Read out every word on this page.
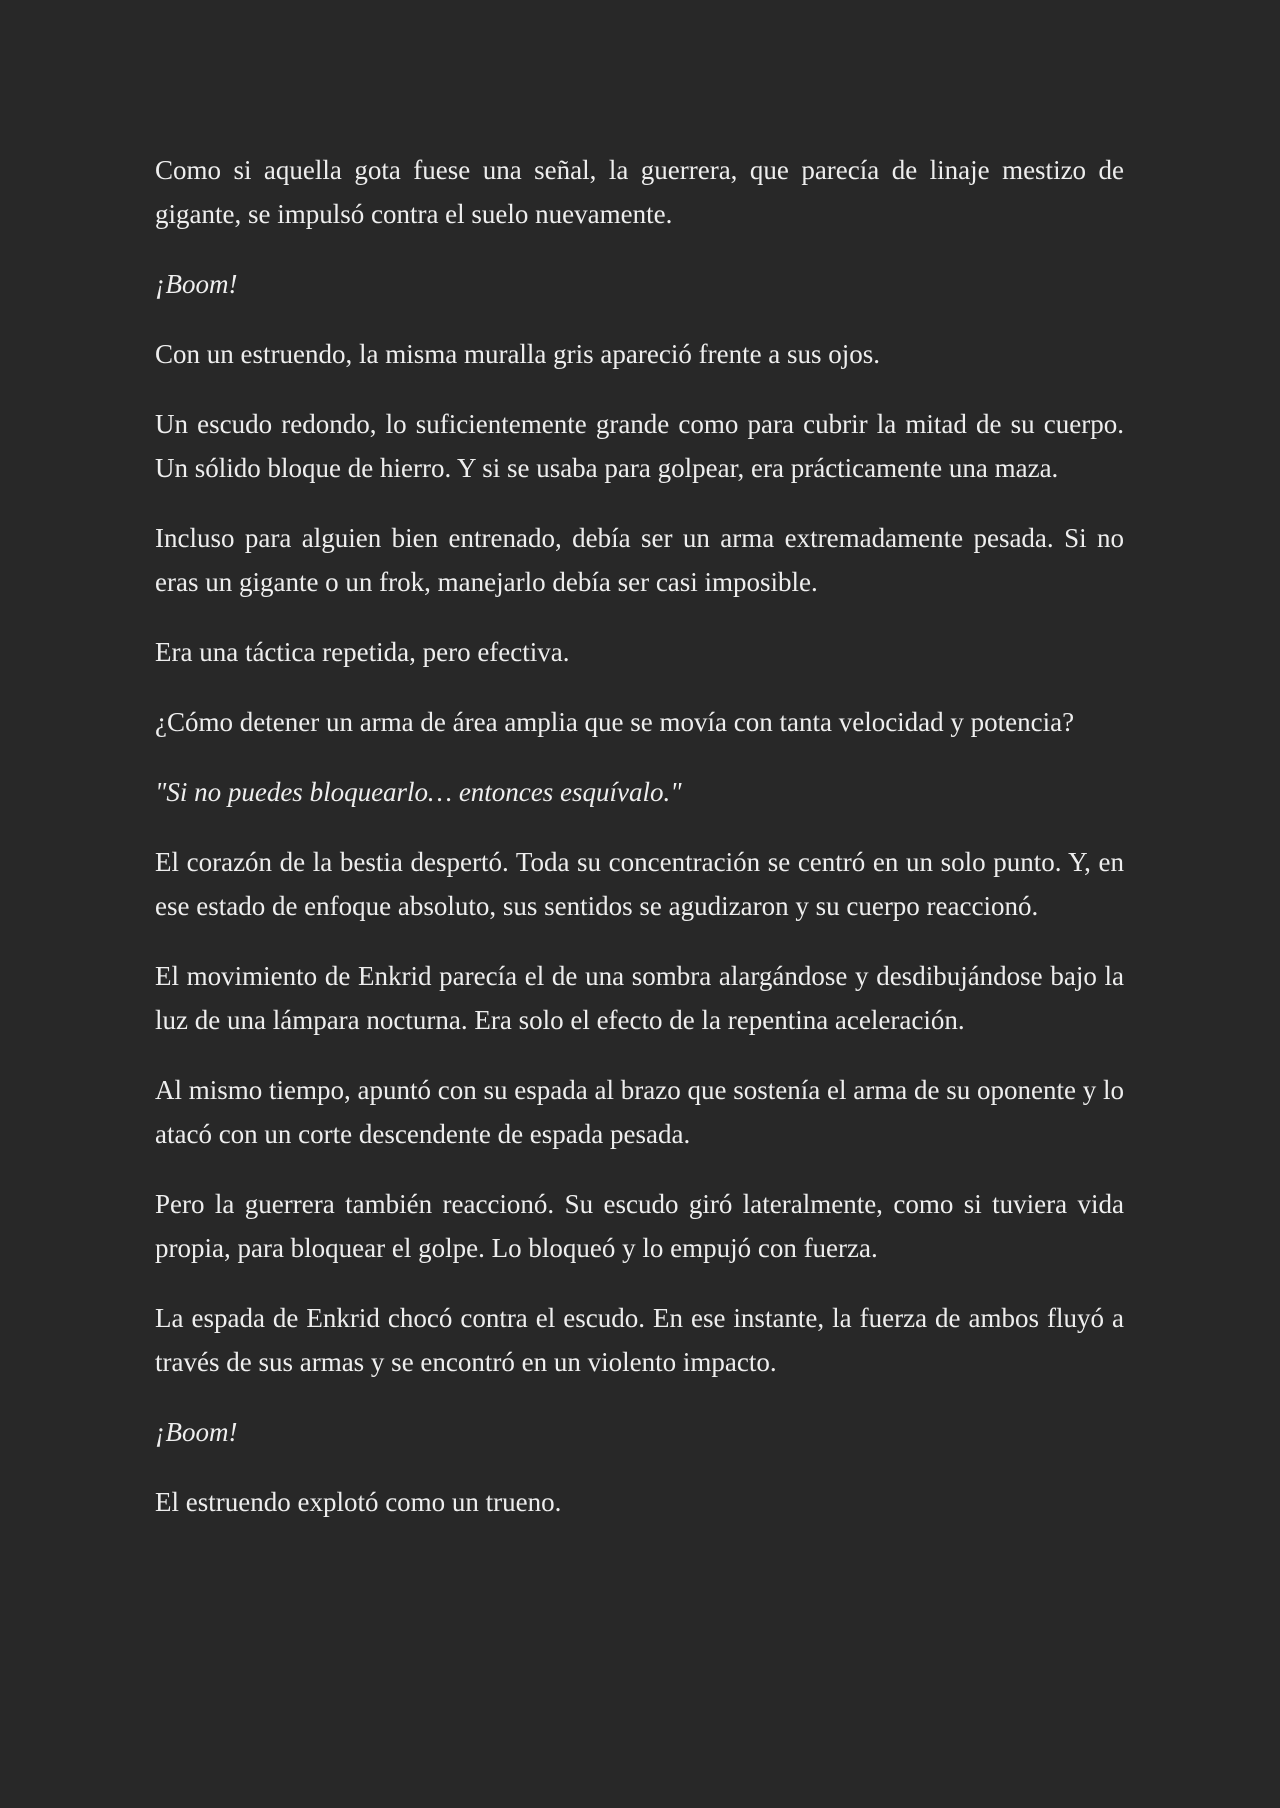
Como si aquella gota fuese una señal, la guerrera, que parecía de linaje mestizo de gigante, se impulsó contra el suelo nuevamente.

¡Boom!

Con un estruendo, la misma muralla gris apareció frente a sus ojos.

Un escudo redondo, lo suficientemente grande como para cubrir la mitad de su cuerpo. Un sólido bloque de hierro. Y si se usaba para golpear, era prácticamente una maza.

Incluso para alguien bien entrenado, debía ser un arma extremadamente pesada. Si no eras un gigante o un frok, manejarlo debía ser casi imposible.

Era una táctica repetida, pero efectiva.

¿Cómo detener un arma de área amplia que se movía con tanta velocidad y potencia?

"Si no puedes bloquearlo… entonces esquívalo."

El corazón de la bestia despertó. Toda su concentración se centró en un solo punto. Y, en ese estado de enfoque absoluto, sus sentidos se agudizaron y su cuerpo reaccionó.

El movimiento de Enkrid parecía el de una sombra alargándose y desdibujándose bajo la luz de una lámpara nocturna. Era solo el efecto de la repentina aceleración.

Al mismo tiempo, apuntó con su espada al brazo que sostenía el arma de su oponente y lo atacó con un corte descendente de espada pesada.

Pero la guerrera también reaccionó. Su escudo giró lateralmente, como si tuviera vida propia, para bloquear el golpe. Lo bloqueó y lo empujó con fuerza.

La espada de Enkrid chocó contra el escudo. En ese instante, la fuerza de ambos fluyó a través de sus armas y se encontró en un violento impacto.

¡Boom!

El estruendo explotó como un trueno.
